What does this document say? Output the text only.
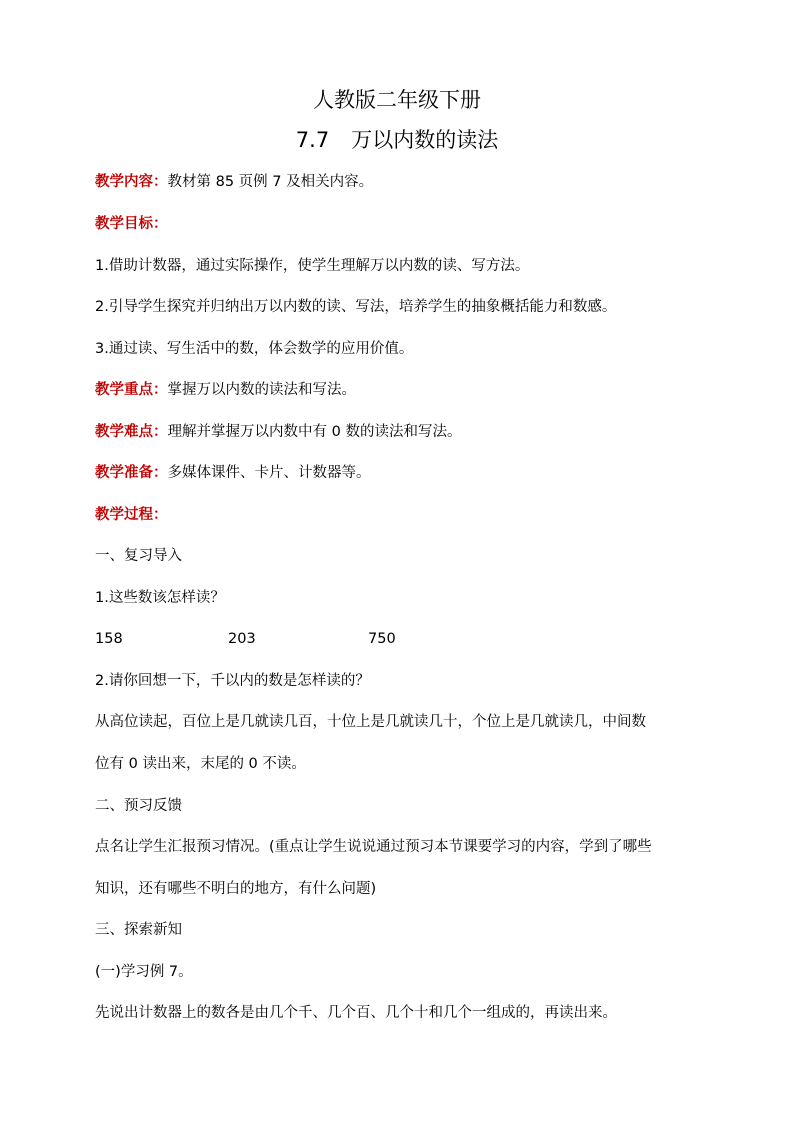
人教版二年级下册
7.7 万以内数的读法
教学内容：教材第 85 页例 7 及相关内容。
教学目标：
1.借助计数器，通过实际操作，使学生理解万以内数的读、写方法。
2.引导学生探究并归纳出万以内数的读、写法，培养学生的抽象概括能力和数感。
3.通过读、写生活中的数，体会数学的应用价值。
教学重点：掌握万以内数的读法和写法。
教学难点：理解并掌握万以内数中有 0 数的读法和写法。
教学准备：多媒体课件、卡片、计数器等。
教学过程：
一、复习导入
1.这些数该怎样读？
158	203	750
2.请你回想一下，千以内的数是怎样读的？
从高位读起，百位上是几就读几百，十位上是几就读几十，个位上是几就读几，中间数
位有 0 读出来，末尾的 0 不读。
二、预习反馈
点名让学生汇报预习情况。(重点让学生说说通过预习本节课要学习的内容，学到了哪些
知识，还有哪些不明白的地方，有什么问题)
三、探索新知
(一)学习例 7。
先说出计数器上的数各是由几个千、几个百、几个十和几个一组成的，再读出来。
